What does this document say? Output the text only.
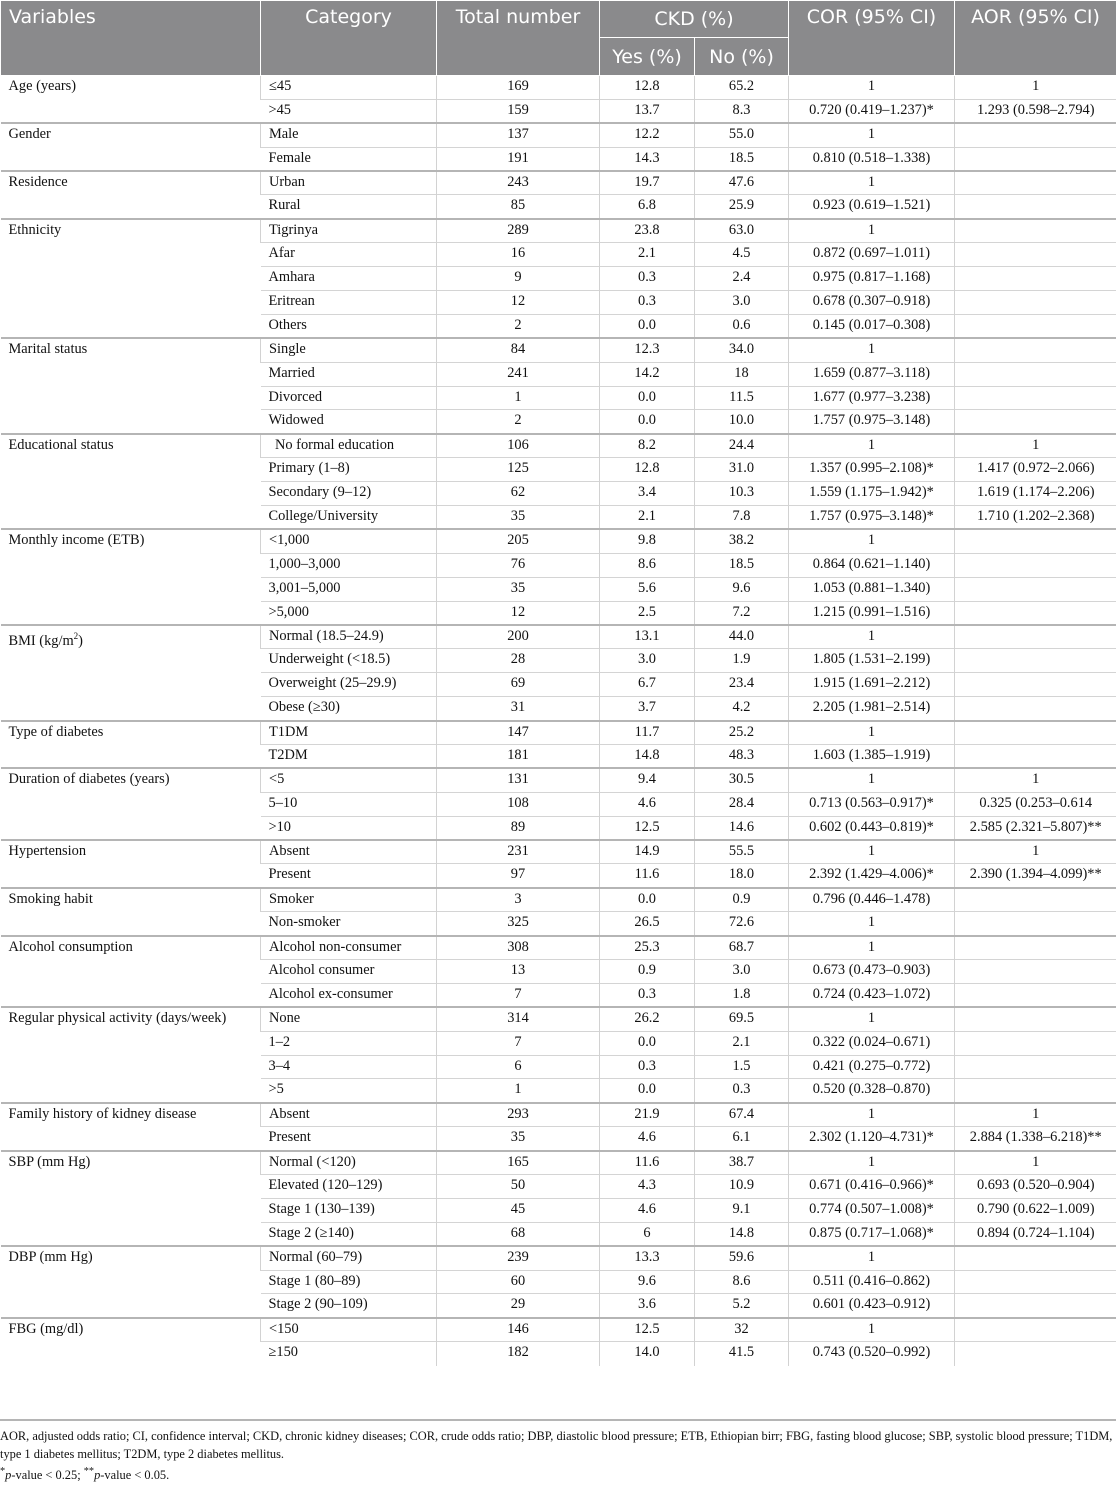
Variables	Category	Total number	CKD (%)		COR (95% CI)	AOR (95% CI)
			Yes (%)	No (%)		
Age (years)	≤45	169	12.8	65.2	1	1
	>45	159	13.7	8.3	0.720 (0.419–1.237)*	1.293 (0.598–2.794)
Gender	Male	137	12.2	55.0	1	
	Female	191	14.3	18.5	0.810 (0.518–1.338)	
Residence	Urban	243	19.7	47.6	1	
	Rural	85	6.8	25.9	0.923 (0.619–1.521)	
Ethnicity	Tigrinya	289	23.8	63.0	1	
	Afar	16	2.1	4.5	0.872 (0.697–1.011)	
	Amhara	9	0.3	2.4	0.975 (0.817–1.168)	
	Eritrean	12	0.3	3.0	0.678 (0.307–0.918)	
	Others	2	0.0	0.6	0.145 (0.017–0.308)	
Marital status	Single	84	12.3	34.0	1	
	Married	241	14.2	18	1.659 (0.877–3.118)	
	Divorced	1	0.0	11.5	1.677 (0.977–3.238)	
	Widowed	2	0.0	10.0	1.757 (0.975–3.148)	
Educational status	No formal education	106	8.2	24.4	1	1
	Primary (1–8)	125	12.8	31.0	1.357 (0.995–2.108)*	1.417 (0.972–2.066)
	Secondary (9–12)	62	3.4	10.3	1.559 (1.175–1.942)*	1.619 (1.174–2.206)
	College/University	35	2.1	7.8	1.757 (0.975–3.148)*	1.710 (1.202–2.368)
Monthly income (ETB)	<1,000	205	9.8	38.2	1	
	1,000–3,000	76	8.6	18.5	0.864 (0.621–1.140)	
	3,001–5,000	35	5.6	9.6	1.053 (0.881–1.340)	
	>5,000	12	2.5	7.2	1.215 (0.991–1.516)	
BMI $(kg/m^2)$	Normal (18.5–24.9)	200	13.1	44.0	1	
	Underweight (<18.5)	28	3.0	1.9	1.805 (1.531–2.199)	
	Overweight (25–29.9)	69	6.7	23.4	1.915 (1.691–2.212)	
	Obese (≥30)	31	3.7	4.2	2.205 (1.981–2.514)	
Type of diabetes	T1DM	147	11.7	25.2	1	
	T2DM	181	14.8	48.3	1.603 (1.385–1.919)	
Duration of diabetes (years)	<5	131	9.4	30.5	1	1
	5–10	108	4.6	28.4	0.713 (0.563–0.917)*	0.325 (0.253–0.614
	>10	89	12.5	14.6	0.602 (0.443–0.819)*	2.585 (2.321–5.807)**
Hypertension	Absent	231	14.9	55.5	1	1
	Present	97	11.6	18.0	2.392 (1.429–4.006)*	2.390 (1.394–4.099)**
Smoking habit	Smoker	3	0.0	0.9	0.796 (0.446–1.478)	
	Non-smoker	325	26.5	72.6	1	
Alcohol consumption	Alcohol non-consumer	308	25.3	68.7	1	
	Alcohol consumer	13	0.9	3.0	0.673 (0.473–0.903)	
	Alcohol ex-consumer	7	0.3	1.8	0.724 (0.423–1.072)	
Regular physical activity (days/week)	None	314	26.2	69.5	1	
	1–2	7	0.0	2.1	0.322 (0.024–0.671)	
	3–4	6	0.3	1.5	0.421 (0.275–0.772)	
	>5	1	0.0	0.3	0.520 (0.328–0.870)	
Family history of kidney disease	Absent	293	21.9	67.4	1	1
	Present	35	4.6	6.1	2.302 (1.120–4.731)*	2.884 (1.338–6.218)**
SBP (mm Hg)	Normal (<120)	165	11.6	38.7	1	1
	Elevated (120–129)	50	4.3	10.9	0.671 (0.416–0.966)*	0.693 (0.520–0.904)
	Stage 1 (130–139)	45	4.6	9.1	0.774 (0.507–1.008)*	0.790 (0.622–1.009)
	Stage 2 (≥140)	68	6	14.8	0.875 (0.717–1.068)*	0.894 (0.724–1.104)
DBP (mm Hg)	Normal (60–79)	239	13.3	59.6	1	
	Stage 1 (80–89)	60	9.6	8.6	0.511 (0.416–0.862)	
	Stage 2 (90–109)	29	3.6	5.2	0.601 (0.423–0.912)	
FBG (mg/dl)	<150	146	12.5	32	1	
	≥150	182	14.0	41.5	0.743 (0.520–0.992)	

AOR, adjusted odds ratio; CI, confidence interval; CKD, chronic kidney diseases; COR, crude odds ratio; DBP, diastolic blood pressure; ETB, Ethiopian birr; FBG, fasting blood glucose; SBP, systolic blood pressure; T1DM, type 1 diabetes mellitus; T2DM, type 2 diabetes mellitus.

*p-value < 0.25; **p-value < 0.05.
